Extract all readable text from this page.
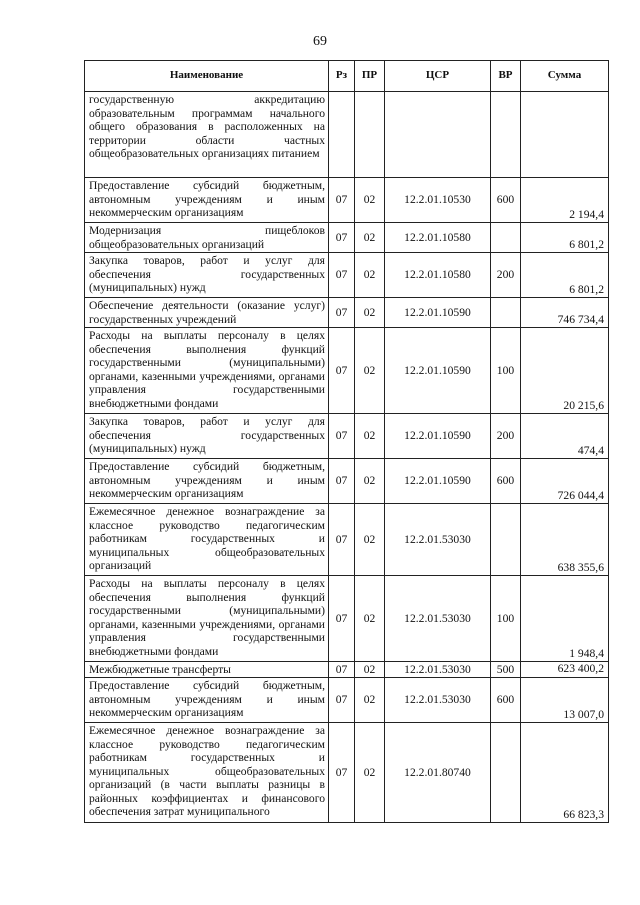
69
Наименование	Рз	ПР	ЦСР	ВР	Сумма
государственную аккредитацию образовательным программам начального общего образования в расположенных на территории области частных общеобразовательных организациях питанием					
Предоставление субсидий бюджетным, автономным учреждениям и иным некоммерческим организациям	07	02	12.2.01.10530	600	2 194,4
Модернизация пищеблоков общеобразовательных организаций	07	02	12.2.01.10580		6 801,2
Закупка товаров, работ и услуг для обеспечения государственных (муниципальных) нужд	07	02	12.2.01.10580	200	6 801,2
Обеспечение деятельности (оказание услуг) государственных учреждений	07	02	12.2.01.10590		746 734,4
Расходы на выплаты персоналу в целях обеспечения выполнения функций государственными (муниципальными) органами, казенными учреждениями, органами управления государственными внебюджетными фондами	07	02	12.2.01.10590	100	20 215,6
Закупка товаров, работ и услуг для обеспечения государственных (муниципальных) нужд	07	02	12.2.01.10590	200	474,4
Предоставление субсидий бюджетным, автономным учреждениям и иным некоммерческим организациям	07	02	12.2.01.10590	600	726 044,4
Ежемесячное денежное вознаграждение за классное руководство педагогическим работникам государственных и муниципальных общеобразовательных организаций	07	02	12.2.01.53030		638 355,6
Расходы на выплаты персоналу в целях обеспечения выполнения функций государственными (муниципальными) органами, казенными учреждениями, органами управления государственными внебюджетными фондами	07	02	12.2.01.53030	100	1 948,4
Межбюджетные трансферты	07	02	12.2.01.53030	500	623 400,2
Предоставление субсидий бюджетным, автономным учреждениям и иным некоммерческим организациям	07	02	12.2.01.53030	600	13 007,0
Ежемесячное денежное вознаграждение за классное руководство педагогическим работникам государственных и муниципальных общеобразовательных организаций (в части выплаты разницы в районных коэффициентах и финансового обеспечения затрат муниципального	07	02	12.2.01.80740		66 823,3
